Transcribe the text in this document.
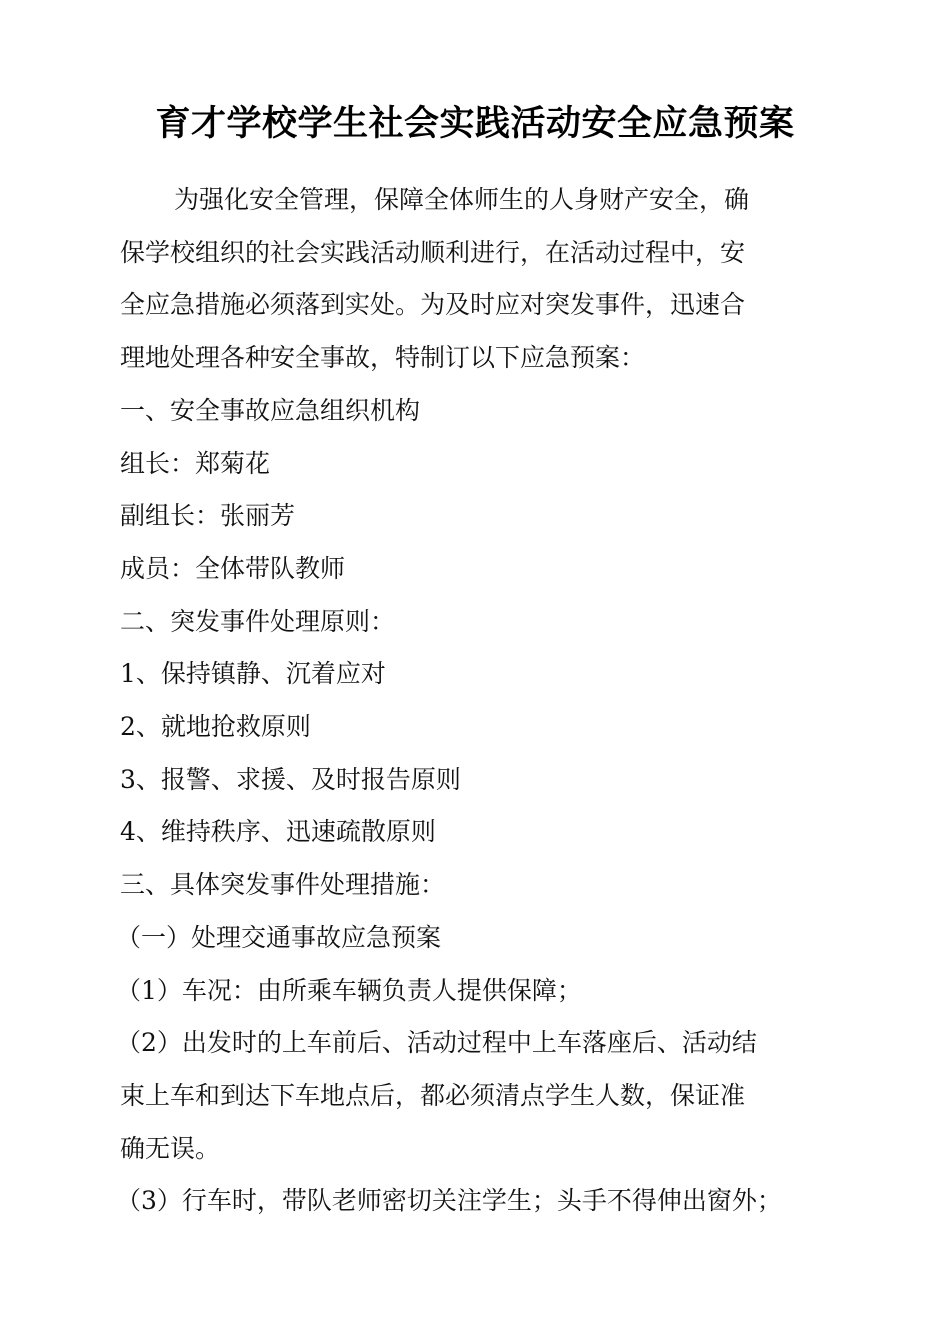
育才学校学生社会实践活动安全应急预案

为强化安全管理，保障全体师生的人身财产安全，确

保学校组织的社会实践活动顺利进行，在活动过程中，安

全应急措施必须落到实处。为及时应对突发事件，迅速合

理地处理各种安全事故，特制订以下应急预案：

一、安全事故应急组织机构

组长：郑菊花

副组长：张丽芳

成员：全体带队教师

二、突发事件处理原则：

1、保持镇静、沉着应对

2、就地抢救原则

3、报警、求援、及时报告原则

4、维持秩序、迅速疏散原则

三、具体突发事件处理措施：

（一）处理交通事故应急预案

（1）车况：由所乘车辆负责人提供保障；

（2）出发时的上车前后、活动过程中上车落座后、活动结

束上车和到达下车地点后，都必须清点学生人数，保证准

确无误。

（3）行车时，带队老师密切关注学生；头手不得伸出窗外；
